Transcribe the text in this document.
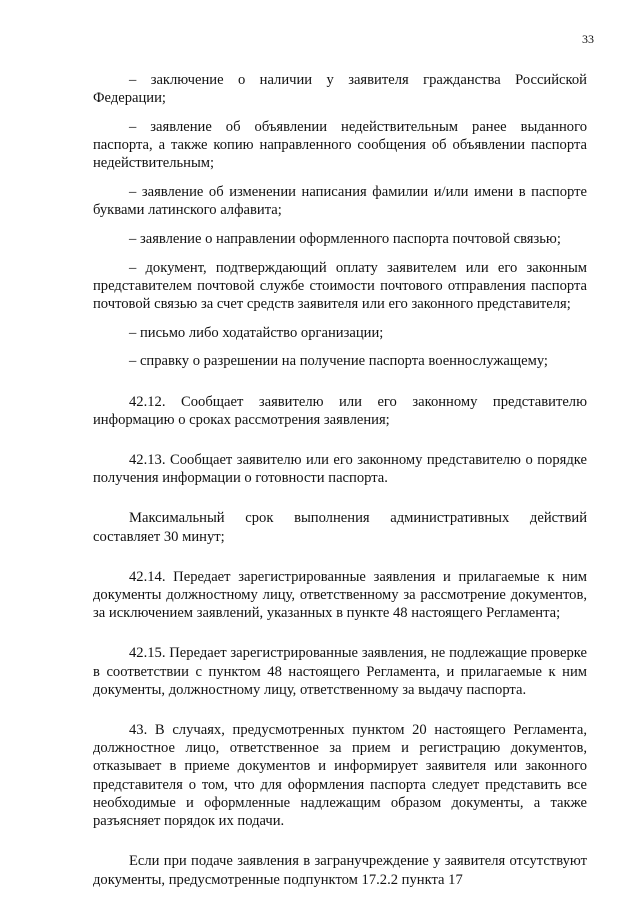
33

– заключение о наличии у заявителя гражданства Российской Федерации;

– заявление об объявлении недействительным ранее выданного паспорта, а также копию направленного сообщения об объявлении паспорта недействительным;

– заявление об изменении написания фамилии и/или имени в паспорте буквами латинского алфавита;

– заявление о направлении оформленного паспорта почтовой связью;

– документ, подтверждающий оплату заявителем или его законным представителем почтовой службе стоимости почтового отправления паспорта почтовой связью за счет средств заявителя или его законного представителя;

– письмо либо ходатайство организации;

– справку о разрешении на получение паспорта военнослужащему;

42.12. Сообщает заявителю или его законному представителю информацию о сроках рассмотрения заявления;

42.13. Сообщает заявителю или его законному представителю о порядке получения информации о готовности паспорта.

Максимальный срок выполнения административных действий составляет 30 минут;

42.14. Передает зарегистрированные заявления и прилагаемые к ним документы должностному лицу, ответственному за рассмотрение документов, за исключением заявлений, указанных в пункте 48 настоящего Регламента;

42.15. Передает зарегистрированные заявления, не подлежащие проверке в соответствии с пунктом 48 настоящего Регламента, и прилагаемые к ним документы, должностному лицу, ответственному за выдачу паспорта.

43. В случаях, предусмотренных пунктом 20 настоящего Регламента, должностное лицо, ответственное за прием и регистрацию документов, отказывает в приеме документов и информирует заявителя или законного представителя о том, что для оформления паспорта следует представить все необходимые и оформленные надлежащим образом документы, а также разъясняет порядок их подачи.

Если при подаче заявления в загранучреждение у заявителя отсутствуют документы, предусмотренные подпунктом 17.2.2 пункта 17
